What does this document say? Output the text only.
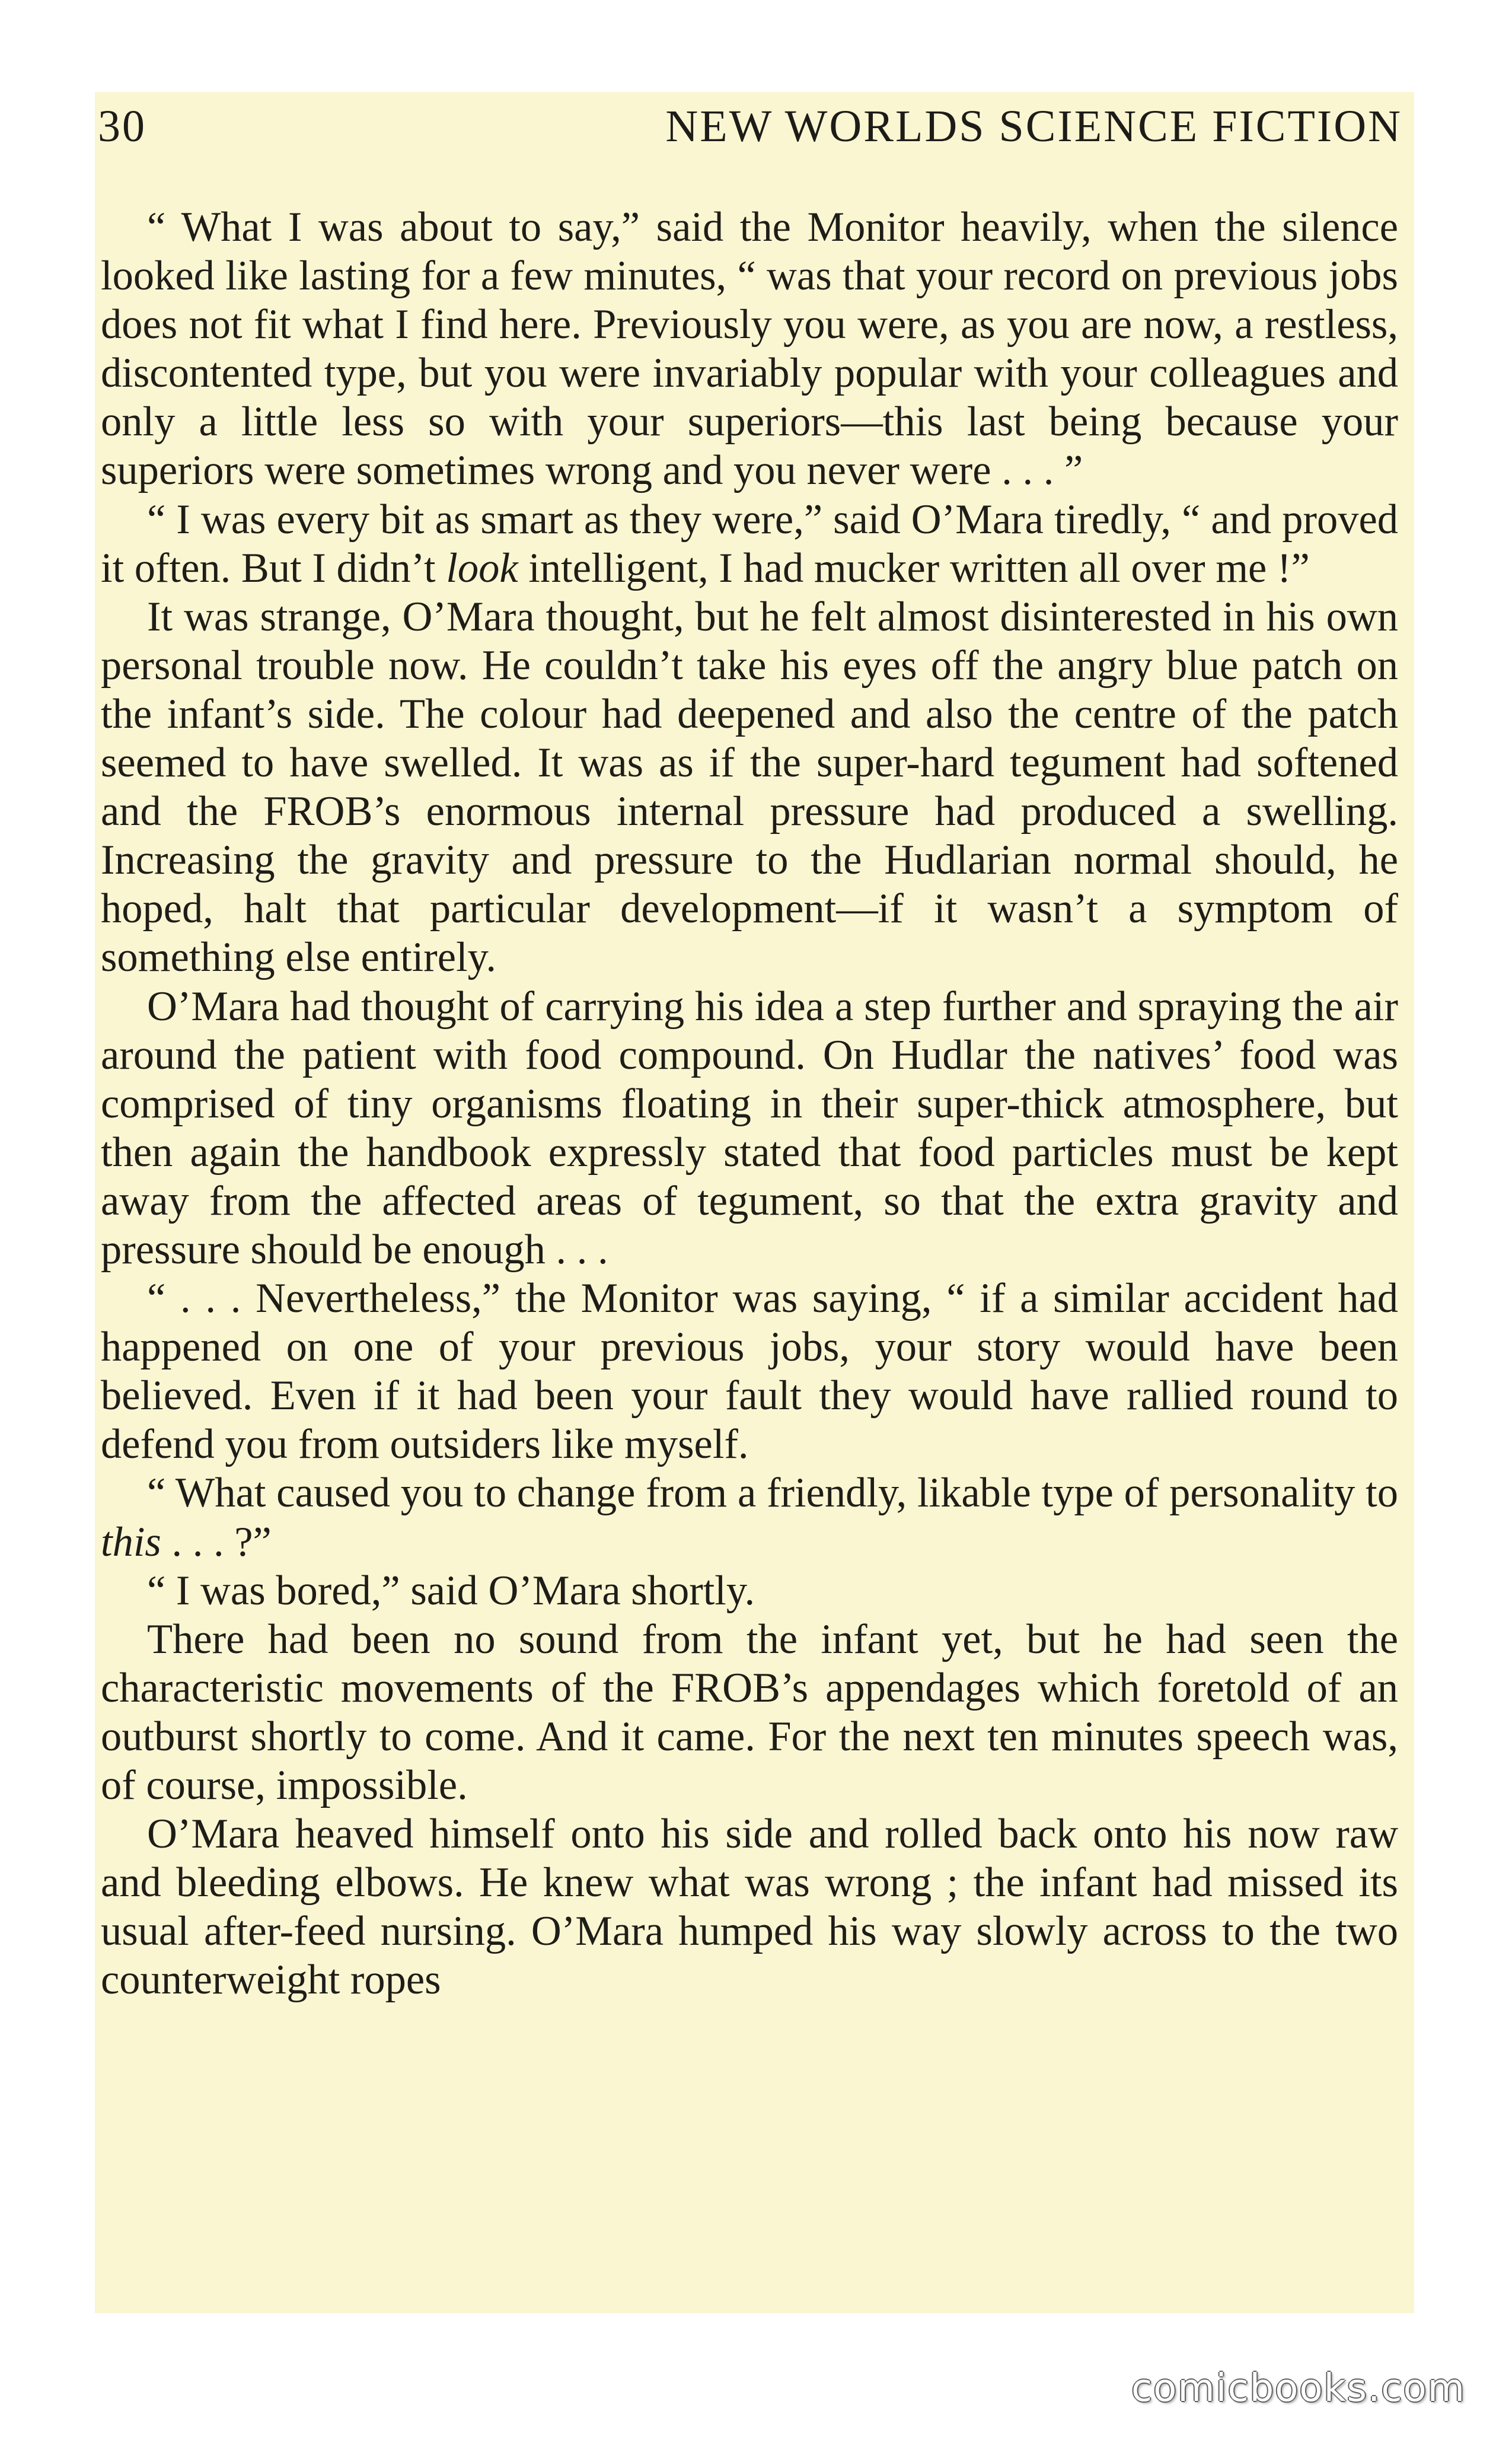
30	NEW WORLDS SCIENCE FICTION

“ What I was about to say,” said the Monitor heavily, when the silence looked like lasting for a few minutes, “ was that your record on previous jobs does not fit what I find here. Previously you were, as you are now, a restless, discontented type, but you were invariably popular with your colleagues and only a little less so with your superiors—this last being because your superiors were sometimes wrong and you never were . . . ”

“ I was every bit as smart as they were,” said O’Mara tiredly, “ and proved it often. But I didn’t look intelligent, I had mucker written all over me !”

It was strange, O’Mara thought, but he felt almost disinterested in his own personal trouble now. He couldn’t take his eyes off the angry blue patch on the infant’s side. The colour had deepened and also the centre of the patch seemed to have swelled. It was as if the super-hard tegument had softened and the FROB’s enormous internal pressure had produced a swelling. Increasing the gravity and pressure to the Hudlarian normal should, he hoped, halt that particular development—if it wasn’t a symptom of something else entirely.

O’Mara had thought of carrying his idea a step further and spraying the air around the patient with food compound. On Hudlar the natives’ food was comprised of tiny organisms floating in their super-thick atmosphere, but then again the handbook expressly stated that food particles must be kept away from the affected areas of tegument, so that the extra gravity and pressure should be enough . . .

“ . . . Nevertheless,” the Monitor was saying, “ if a similar accident had happened on one of your previous jobs, your story would have been believed. Even if it had been your fault they would have rallied round to defend you from outsiders like myself.

“ What caused you to change from a friendly, likable type of personality to this . . . ?”

“ I was bored,” said O’Mara shortly.

There had been no sound from the infant yet, but he had seen the characteristic movements of the FROB’s appendages which foretold of an outburst shortly to come. And it came. For the next ten minutes speech was, of course, impossible.

O’Mara heaved himself onto his side and rolled back onto his now raw and bleeding elbows. He knew what was wrong ; the infant had missed its usual after-feed nursing. O’Mara humped his way slowly across to the two counterweight ropes

comicbooks.com
